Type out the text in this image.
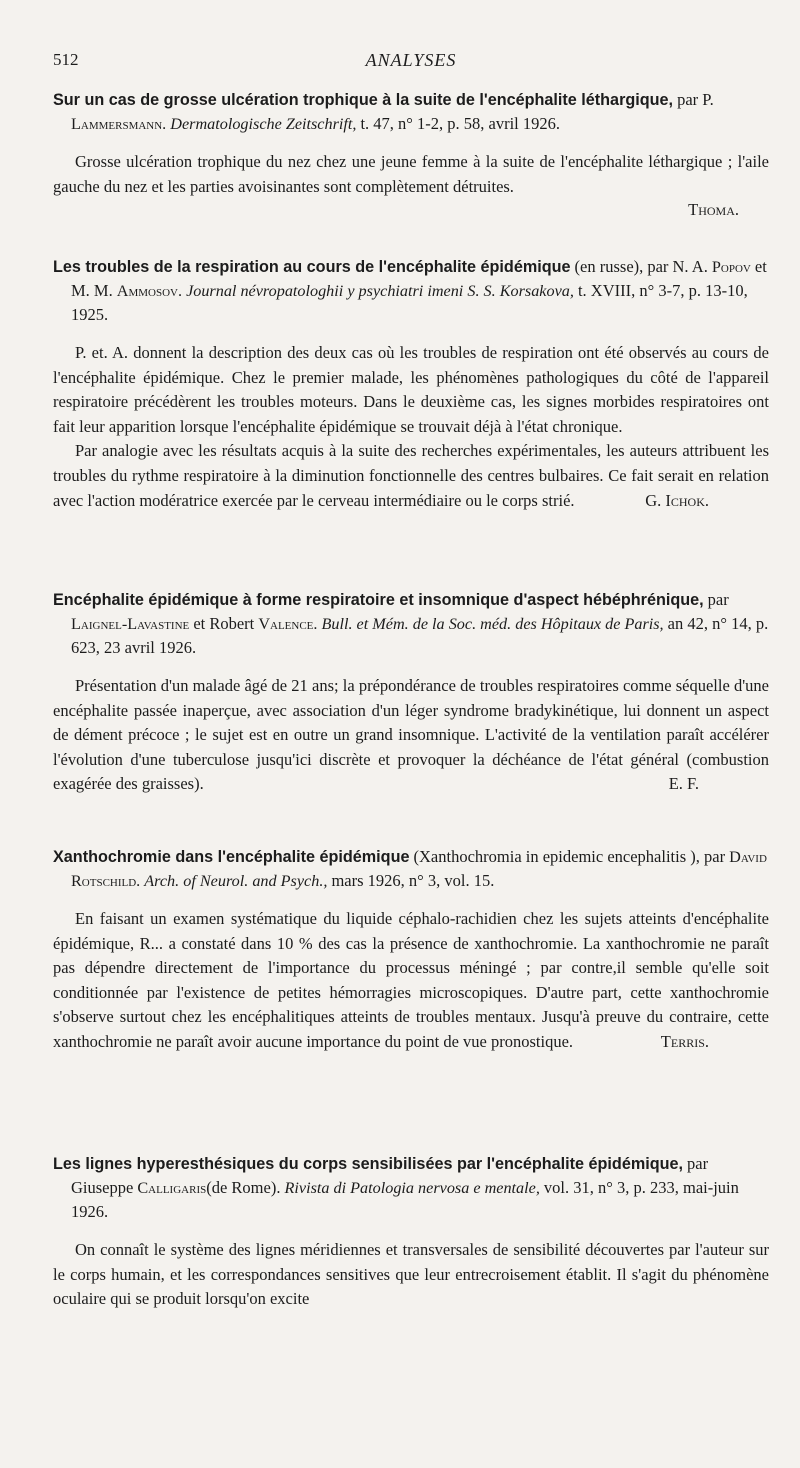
512	ANALYSES

Sur un cas de grosse ulcération trophique à la suite de l'encéphalite léthargique, par P. Lammersmann. Dermatologische Zeitschrift, t. 47, n° 1-2, p. 58, avril 1926.

Grosse ulcération trophique du nez chez une jeune femme à la suite de l'encéphalite léthargique ; l'aile gauche du nez et les parties avoisinantes sont complètement détruites.

Thoma.

Les troubles de la respiration au cours de l'encéphalite épidémique (en russe), par N. A. Popov et M. M. Ammosov. Journal névropatologhii y psychiatri imeni S. S. Korsakova, t. XVIII, n° 3-7, p. 13-10, 1925.

P. et. A. donnent la description des deux cas où les troubles de respiration ont été observés au cours de l'encéphalite épidémique. Chez le premier malade, les phénomènes pathologiques du côté de l'appareil respiratoire précédèrent les troubles moteurs. Dans le deuxième cas, les signes morbides respiratoires ont fait leur apparition lorsque l'encéphalite épidémique se trouvait déjà à l'état chronique.

Par analogie avec les résultats acquis à la suite des recherches expérimentales, les auteurs attribuent les troubles du rythme respiratoire à la diminution fonctionnelle des centres bulbaires. Ce fait serait en relation avec l'action modératrice exercée par le cerveau intermédiaire ou le corps strié.	G. Ichok.

Encéphalite épidémique à forme respiratoire et insomnique d'aspect hébéphrénique, par Laignel-Lavastine et Robert Valence. Bull. et Mém. de la Soc. méd. des Hôpitaux de Paris, an 42, n° 14, p. 623, 23 avril 1926.

Présentation d'un malade âgé de 21 ans; la prépondérance de troubles respiratoires comme séquelle d'une encéphalite passée inaperçue, avec association d'un léger syndrome bradykinétique, lui donnent un aspect de dément précoce ; le sujet est en outre un grand insomnique. L'activité de la ventilation paraît accélérer l'évolution d'une tuberculose jusqu'ici discrète et provoquer la déchéance de l'état général (combustion exagérée des graisses).	E. F.

Xanthochromie dans l'encéphalite épidémique (Xanthochromia in epidemic encephalitis ), par David Rotschild. Arch. of Neurol. and Psych., mars 1926, n° 3, vol. 15.

En faisant un examen systématique du liquide céphalo-rachidien chez les sujets atteints d'encéphalite épidémique, R... a constaté dans 10 % des cas la présence de xanthochromie. La xanthochromie ne paraît pas dépendre directement de l'importance du processus méningé ; par contre,il semble qu'elle soit conditionnée par l'existence de petites hémorragies microscopiques. D'autre part, cette xanthochromie s'observe surtout chez les encéphalitiques atteints de troubles mentaux. Jusqu'à preuve du contraire, cette xanthochromie ne paraît avoir aucune importance du point de vue pronostique.	Terris.

Les lignes hyperesthésiques du corps sensibilisées par l'encéphalite épidémique, par Giuseppe Calligaris(de Rome). Rivista di Patologia nervosa e mentale, vol. 31, n° 3, p. 233, mai-juin 1926.

On connaît le système des lignes méridiennes et transversales de sensibilité découvertes par l'auteur sur le corps humain, et les correspondances sensitives que leur entrecroisement établit. Il s'agit du phénomène oculaire qui se produit lorsqu'on excite
